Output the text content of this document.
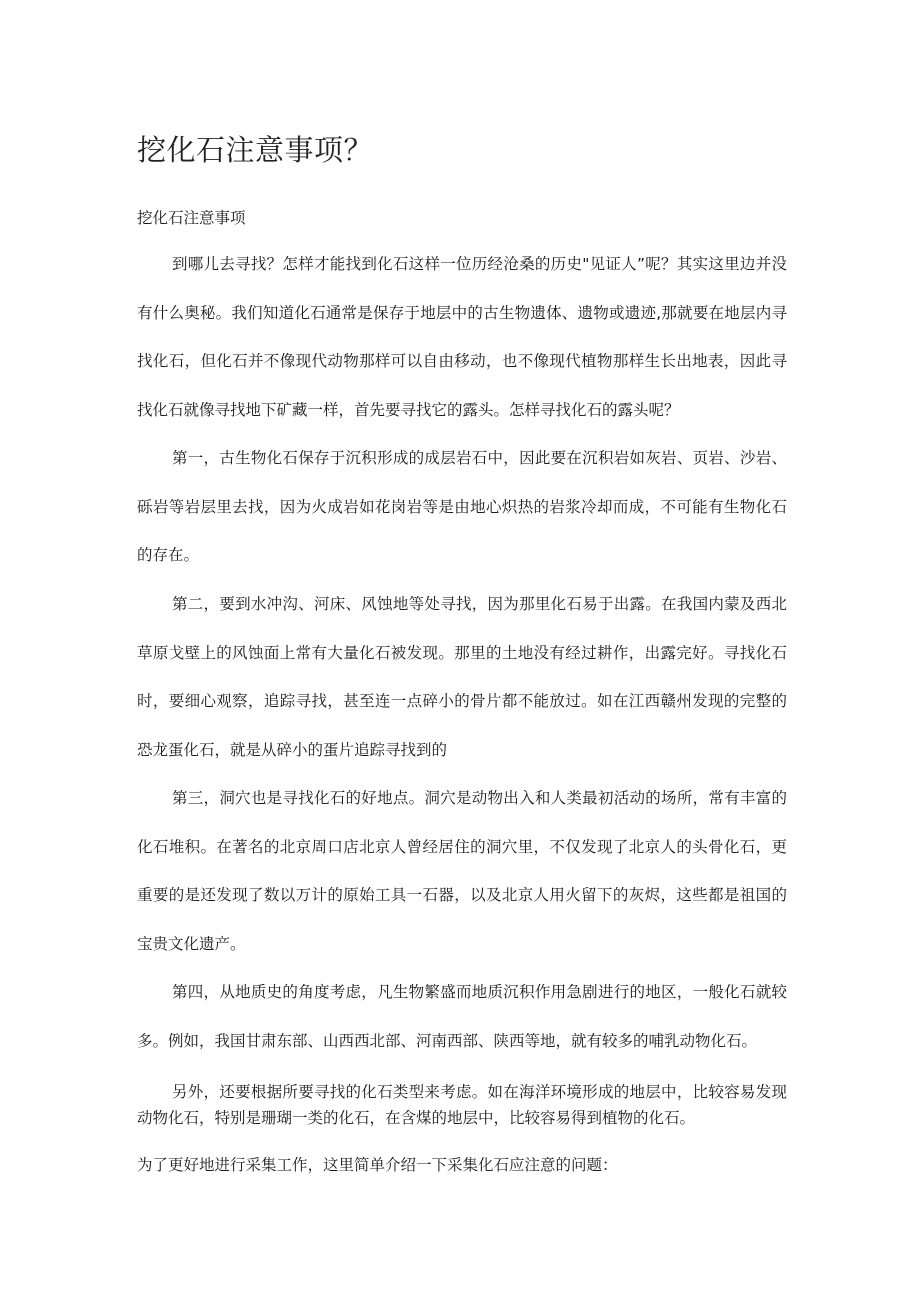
挖化石注意事项？
挖化石注意事项

到哪儿去寻找？怎样才能找到化石这样一位历经沧桑的历史"见证人”呢？其实这里边并没有什么奥秘。我们知道化石通常是保存于地层中的古生物遗体、遗物或遗迹,那就要在地层内寻找化石，但化石并不像现代动物那样可以自由移动，也不像现代植物那样生长出地表，因此寻找化石就像寻找地下矿藏一样，首先要寻找它的露头。怎样寻找化石的露头呢？

第一，古生物化石保存于沉积形成的成层岩石中，因此要在沉积岩如灰岩、页岩、沙岩、砾岩等岩层里去找，因为火成岩如花岗岩等是由地心炽热的岩浆冷却而成，不可能有生物化石的存在。

第二，要到水冲沟、河床、风蚀地等处寻找，因为那里化石易于出露。在我国内蒙及西北草原戈壁上的风蚀面上常有大量化石被发现。那里的土地没有经过耕作，出露完好。寻找化石时，要细心观察，追踪寻找，甚至连一点碎小的骨片都不能放过。如在江西赣州发现的完整的恐龙蛋化石，就是从碎小的蛋片追踪寻找到的

第三，洞穴也是寻找化石的好地点。洞穴是动物出入和人类最初活动的场所，常有丰富的化石堆积。在著名的北京周口店北京人曾经居住的洞穴里，不仅发现了北京人的头骨化石，更重要的是还发现了数以万计的原始工具一石器，以及北京人用火留下的灰烬，这些都是祖国的宝贵文化遗产。

第四，从地质史的角度考虑，凡生物繁盛而地质沉积作用急剧进行的地区，一般化石就较多。例如，我国甘肃东部、山西西北部、河南西部、陕西等地，就有较多的哺乳动物化石。

另外，还要根据所要寻找的化石类型来考虑。如在海洋环境形成的地层中，比较容易发现动物化石，特别是珊瑚一类的化石，在含煤的地层中，比较容易得到植物的化石。

为了更好地进行采集工作，这里简单介绍一下采集化石应注意的问题：
